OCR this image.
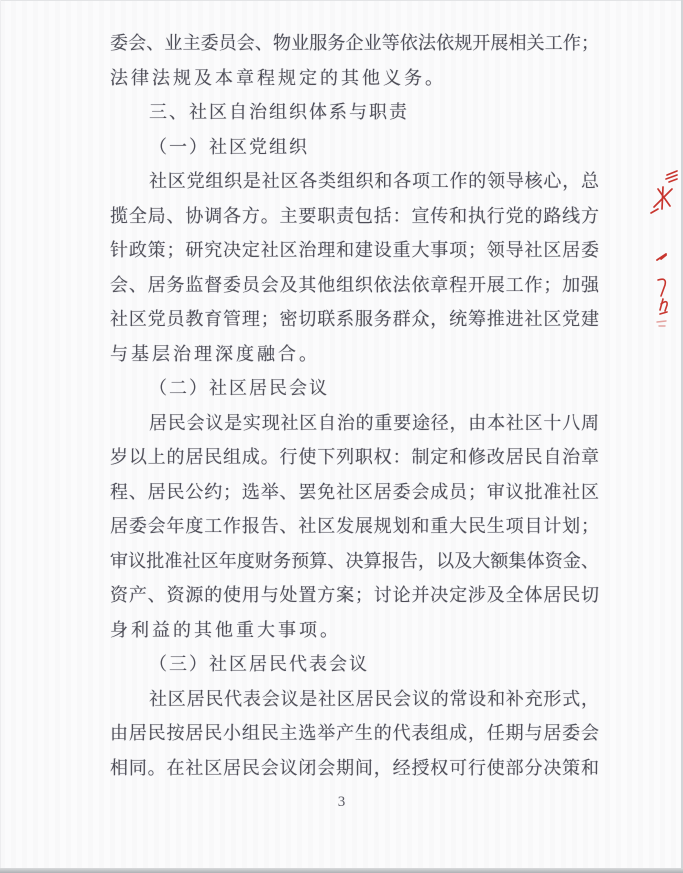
委会、业主委员会、物业服务企业等依法依规开展相关工作；
法律法规及本章程规定的其他义务。
三、社区自治组织体系与职责
（一）社区党组织
社区党组织是社区各类组织和各项工作的领导核心，总
揽全局、协调各方。主要职责包括：宣传和执行党的路线方
针政策；研究决定社区治理和建设重大事项；领导社区居委
会、居务监督委员会及其他组织依法依章程开展工作；加强
社区党员教育管理；密切联系服务群众，统筹推进社区党建
与基层治理深度融合。
（二）社区居民会议
居民会议是实现社区自治的重要途径，由本社区十八周
岁以上的居民组成。行使下列职权：制定和修改居民自治章
程、居民公约；选举、罢免社区居委会成员；审议批准社区
居委会年度工作报告、社区发展规划和重大民生项目计划；
审议批准社区年度财务预算、决算报告，以及大额集体资金、
资产、资源的使用与处置方案；讨论并决定涉及全体居民切
身利益的其他重大事项。
（三）社区居民代表会议
社区居民代表会议是社区居民会议的常设和补充形式，
由居民按居民小组民主选举产生的代表组成，任期与居委会
相同。在社区居民会议闭会期间，经授权可行使部分决策和
3
